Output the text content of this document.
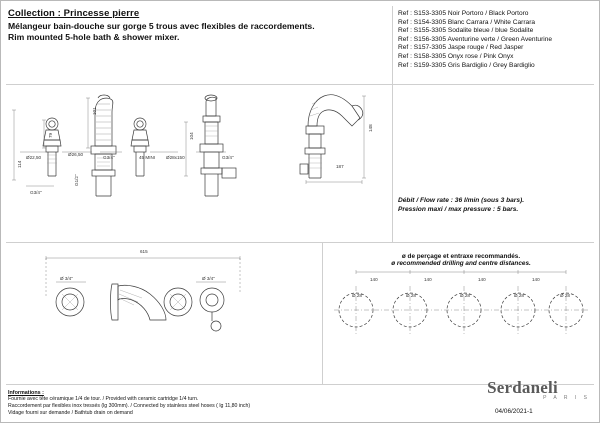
Collection : Princesse pierre
Mélangeur bain-douche sur gorge 5 trous avec flexibles de raccordements.
Rim mounted 5-hole bath & shower mixer.
Ref : S153-3305 Noir Portoro / Black Portoro
Ref : S154-3305 Blanc Carrara / White Carrara
Ref : S155-3305 Sodalite bleue / blue Sodalite
Ref : S156-3305 Aventurine verte / Green Aventurine
Ref : S157-3305 Jaspe rouge / Red Jasper
Ref : S158-3305 Onyx rose / Pink Onyx
Ref : S159-3305 Gris Bardiglio / Grey Bardiglio
Débit / Flow rate : 36 l/min (sous 3 bars).
Pression maxi / max pressure : 5 bars.
ø de perçage et entraxe recommandés.
ø recommended drilling and centre distances.
Informations :
Fournie avec tête céramique 1/4 de tour. / Provided with ceramic cartridge 1/4 turn.
Raccordement par flexibles inox tressés (lg 300mm). / Connected by stainless steel hoses ( lg 11,80 inch)
Vidage fourni sur demande / Bathtub drain on demand
Serdaneli
P A R I S
04/06/2021-1
101
79
114
104
Ø22,50
Ø26,50
G3/4"	45 MINI Ø28x150	G3/4"
G3/4"
G1/2"
148
187
615
Ø 3/4"	Ø 3/4"	140	140	140	140
Ø 28	Ø 28	Ø 28	Ø 28	Ø 28
